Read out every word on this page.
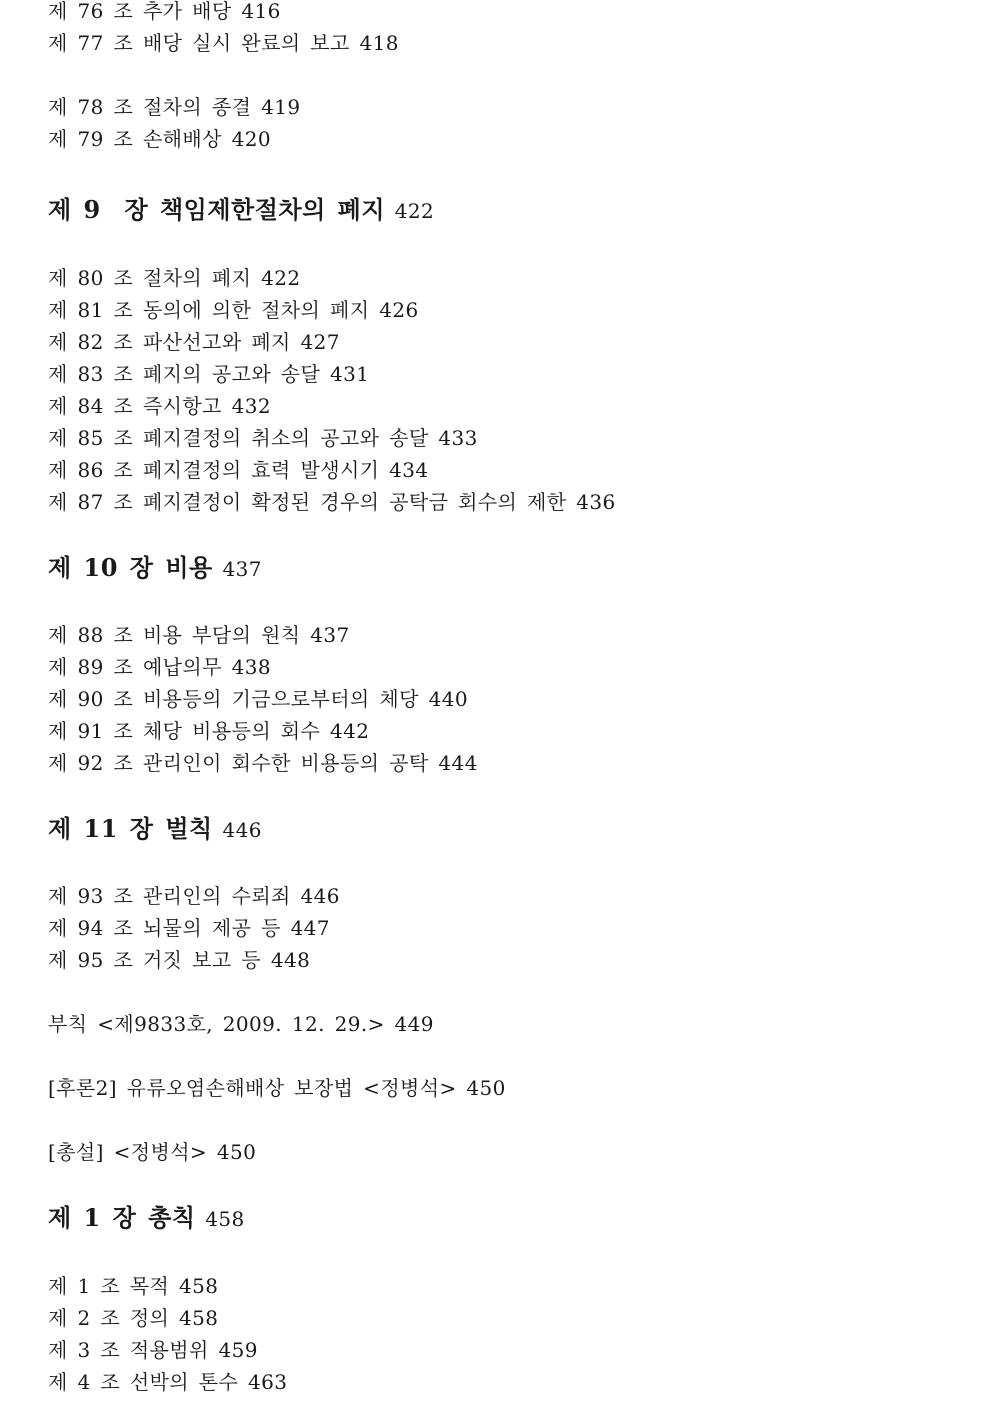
제 76 조 추가 배당 416
제 77 조 배당 실시 완료의 보고 418
제 78 조 절차의 종결 419
제 79 조 손해배상 420
제 9  장 책임제한절차의 폐지 422
제 80 조 절차의 폐지 422
제 81 조 동의에 의한 절차의 폐지 426
제 82 조 파산선고와 폐지 427
제 83 조 폐지의 공고와 송달 431
제 84 조 즉시항고 432
제 85 조 폐지결정의 취소의 공고와 송달 433
제 86 조 폐지결정의 효력 발생시기 434
제 87 조 폐지결정이 확정된 경우의 공탁금 회수의 제한 436
제 10 장 비용 437
제 88 조 비용 부담의 원칙 437
제 89 조 예납의무 438
제 90 조 비용등의 기금으로부터의 체당 440
제 91 조 체당 비용등의 회수 442
제 92 조 관리인이 회수한 비용등의 공탁 444
제 11 장 벌칙 446
제 93 조 관리인의 수뢰죄 446
제 94 조 뇌물의 제공 등 447
제 95 조 거짓 보고 등 448
부칙 <제9833호, 2009. 12. 29.> 449
[후론2] 유류오염손해배상 보장법 <정병석> 450
[총설] <정병석> 450
제 1 장 총칙 458
제 1 조 목적 458
제 2 조 정의 458
제 3 조 적용범위 459
제 4 조 선박의 톤수 463
